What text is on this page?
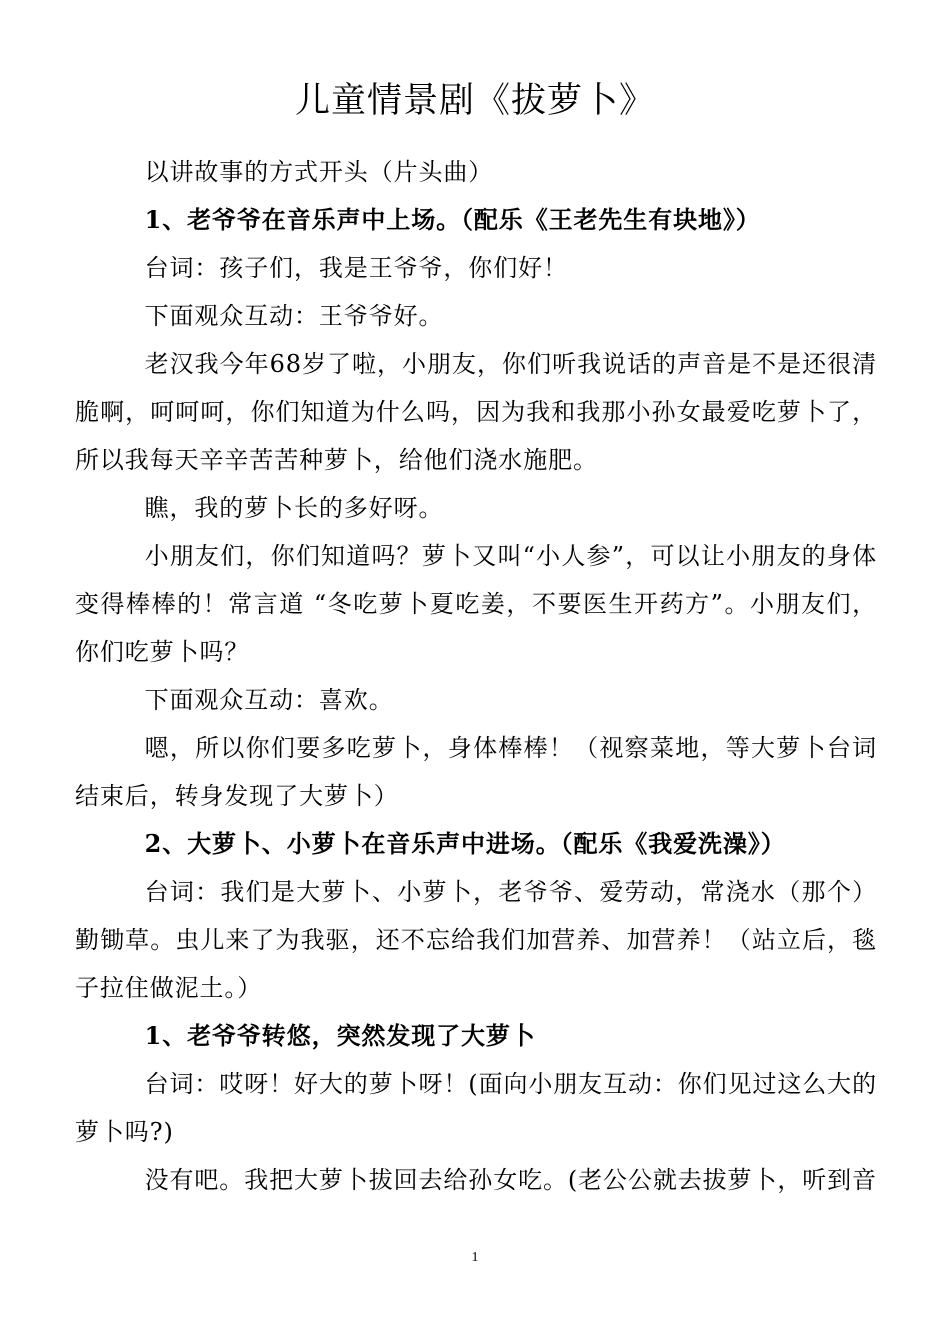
儿童情景剧《拔萝卜》

以讲故事的方式开头（片头曲）

1、老爷爷在音乐声中上场。（配乐《王老先生有块地》）

台词：孩子们，我是王爷爷，你们好！

下面观众互动：王爷爷好。

老汉我今年68岁了啦，小朋友，你们听我说话的声音是不是还很清脆啊，呵呵呵，你们知道为什么吗，因为我和我那小孙女最爱吃萝卜了，所以我每天辛辛苦苦种萝卜，给他们浇水施肥。

瞧，我的萝卜长的多好呀。

小朋友们，你们知道吗？萝卜又叫“小人参”，可以让小朋友的身体变得棒棒的！常言道 “冬吃萝卜夏吃姜，不要医生开药方”。小朋友们，你们吃萝卜吗？

下面观众互动：喜欢。

嗯，所以你们要多吃萝卜，身体棒棒！（视察菜地，等大萝卜台词结束后，转身发现了大萝卜）

2、大萝卜、小萝卜在音乐声中进场。（配乐《我爱洗澡》）

台词：我们是大萝卜、小萝卜，老爷爷、爱劳动，常浇水（那个）勤锄草。虫儿来了为我驱，还不忘给我们加营养、加营养！（站立后，毯子拉住做泥土。）

1、老爷爷转悠，突然发现了大萝卜

台词：哎呀！好大的萝卜呀！(面向小朋友互动：你们见过这么大的萝卜吗?)

没有吧。我把大萝卜拔回去给孙女吃。(老公公就去拔萝卜，听到音

1
